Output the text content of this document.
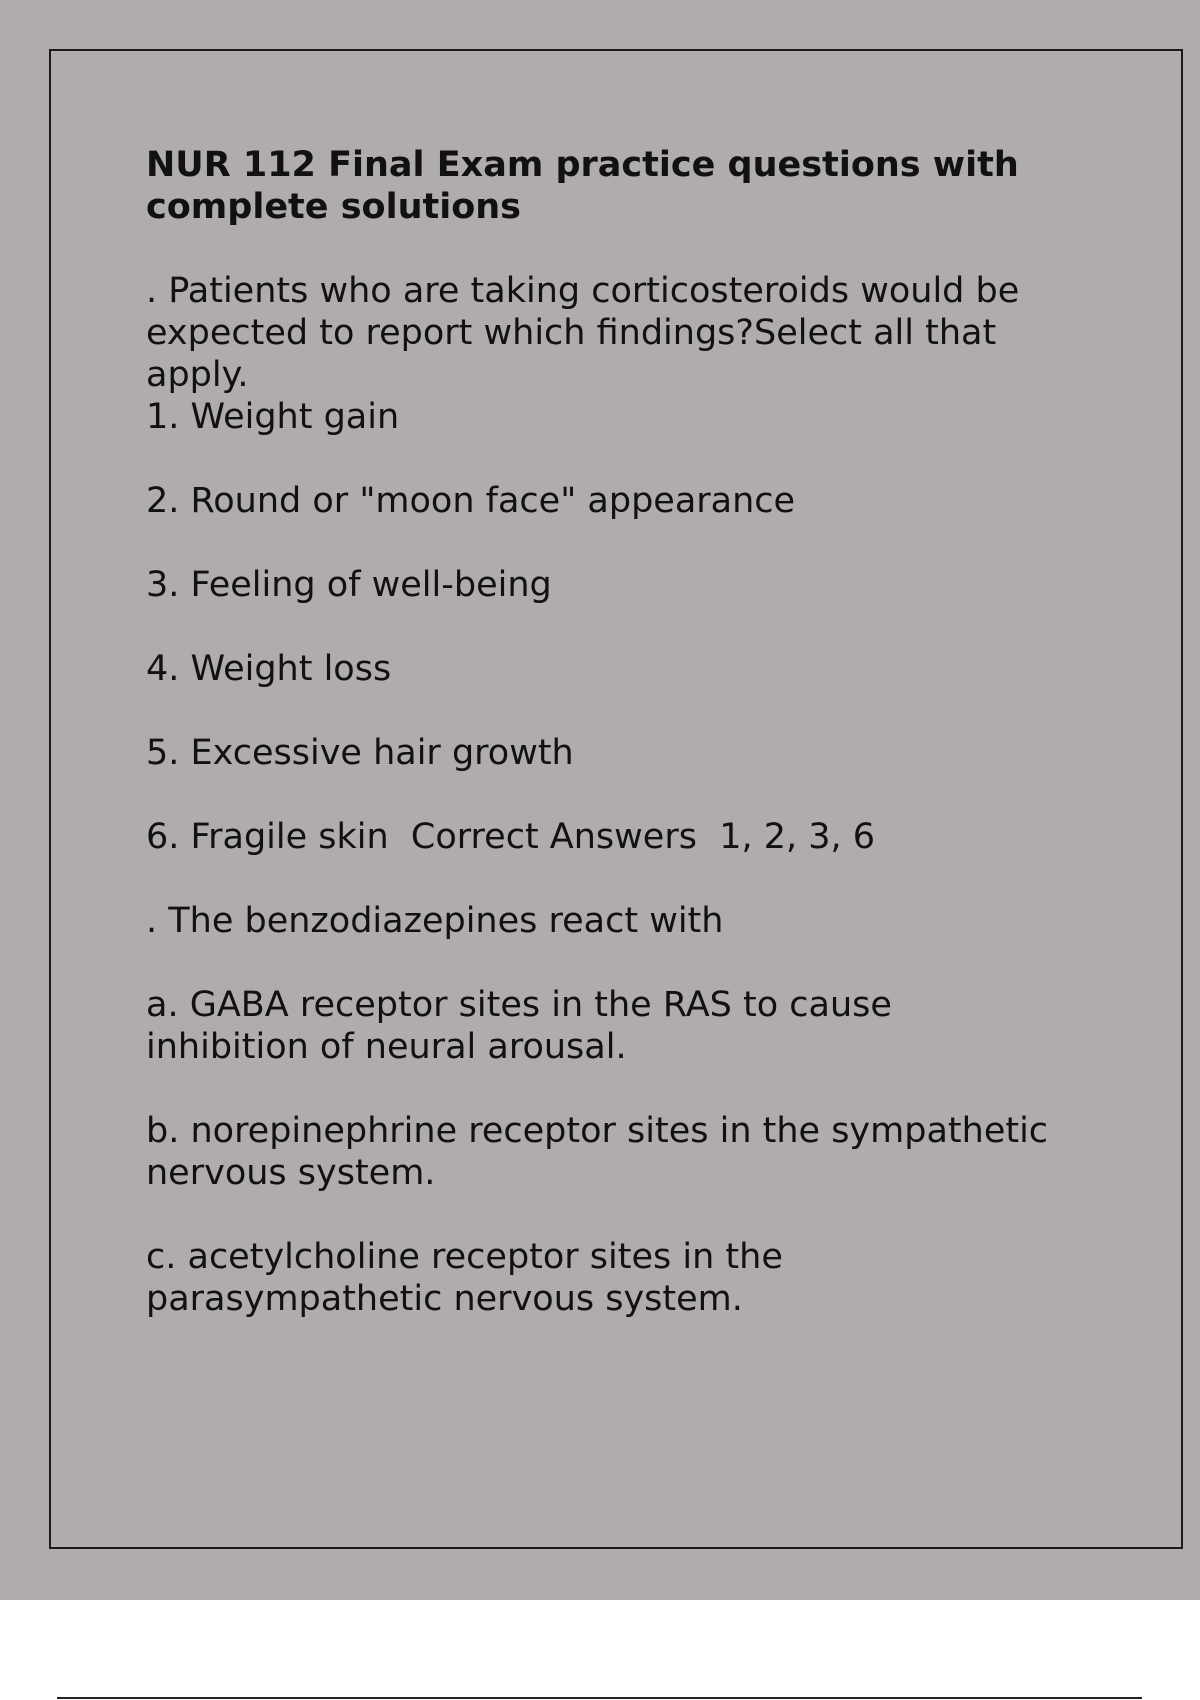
NUR 112 Final Exam practice questions with complete solutions
. Patients who are taking corticosteroids would be expected to report which findings?Select all that apply.
1. Weight gain
2. Round or "moon face" appearance
3. Feeling of well-being
4. Weight loss
5. Excessive hair growth
6. Fragile skin  Correct Answers  1, 2, 3, 6
. The benzodiazepines react with
a. GABA receptor sites in the RAS to cause inhibition of neural arousal.
b. norepinephrine receptor sites in the sympathetic nervous system.
c. acetylcholine receptor sites in the parasympathetic nervous system.
